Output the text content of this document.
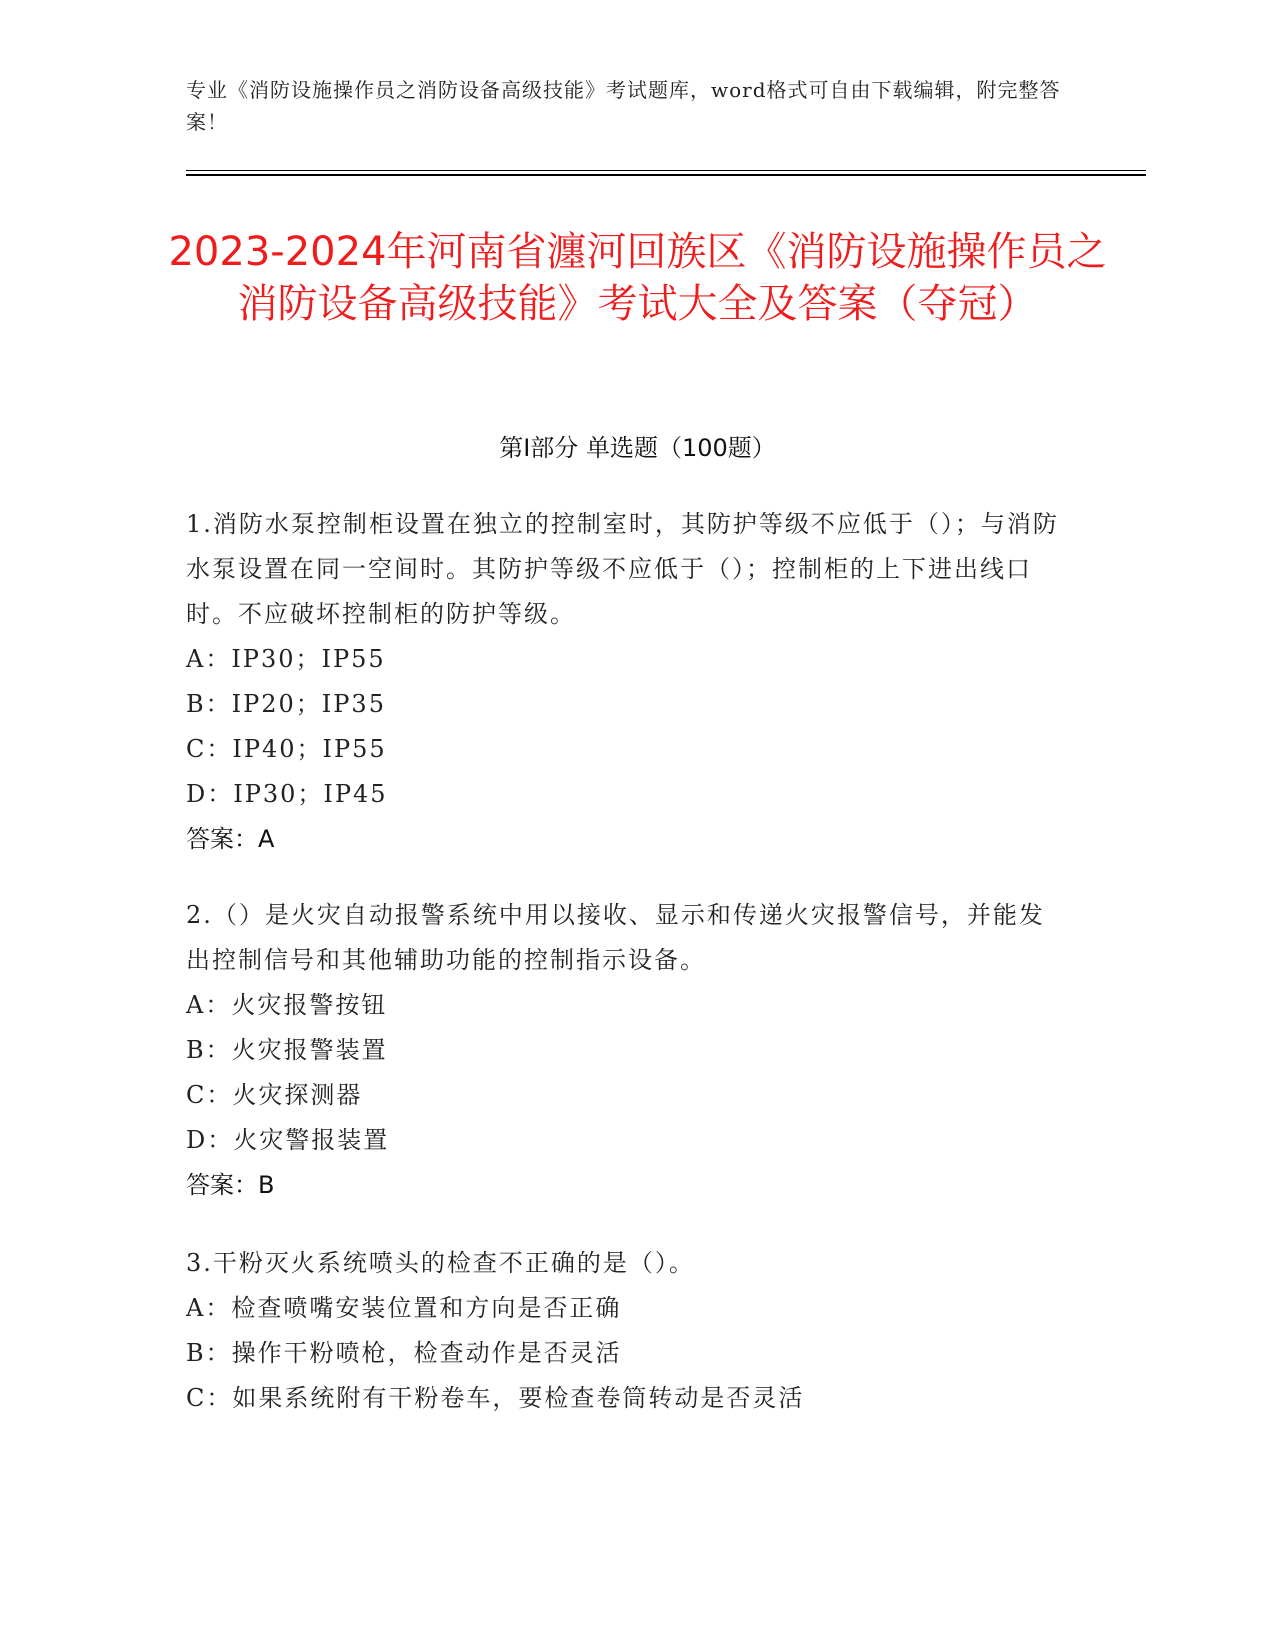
专业《消防设施操作员之消防设备高级技能》考试题库，word格式可自由下载编辑，附完整答案！
2023-2024年河南省瀍河回族区《消防设施操作员之消防设备高级技能》考试大全及答案（夺冠）
第Ⅰ部分 单选题（100题）
1.消防水泵控制柜设置在独立的控制室时，其防护等级不应低于（）；与消防水泵设置在同一空间时。其防护等级不应低于（）；控制柜的上下进出线口时。不应破坏控制柜的防护等级。
A：IP30；IP55
B：IP20；IP35
C：IP40；IP55
D：IP30；IP45
答案：A
2.（）是火灾自动报警系统中用以接收、显示和传递火灾报警信号，并能发出控制信号和其他辅助功能的控制指示设备。
A：火灾报警按钮
B：火灾报警装置
C：火灾探测器
D：火灾警报装置
答案：B
3.干粉灭火系统喷头的检查不正确的是（）。
A：检查喷嘴安装位置和方向是否正确
B：操作干粉喷枪，检查动作是否灵活
C：如果系统附有干粉卷车，要检查卷筒转动是否灵活
